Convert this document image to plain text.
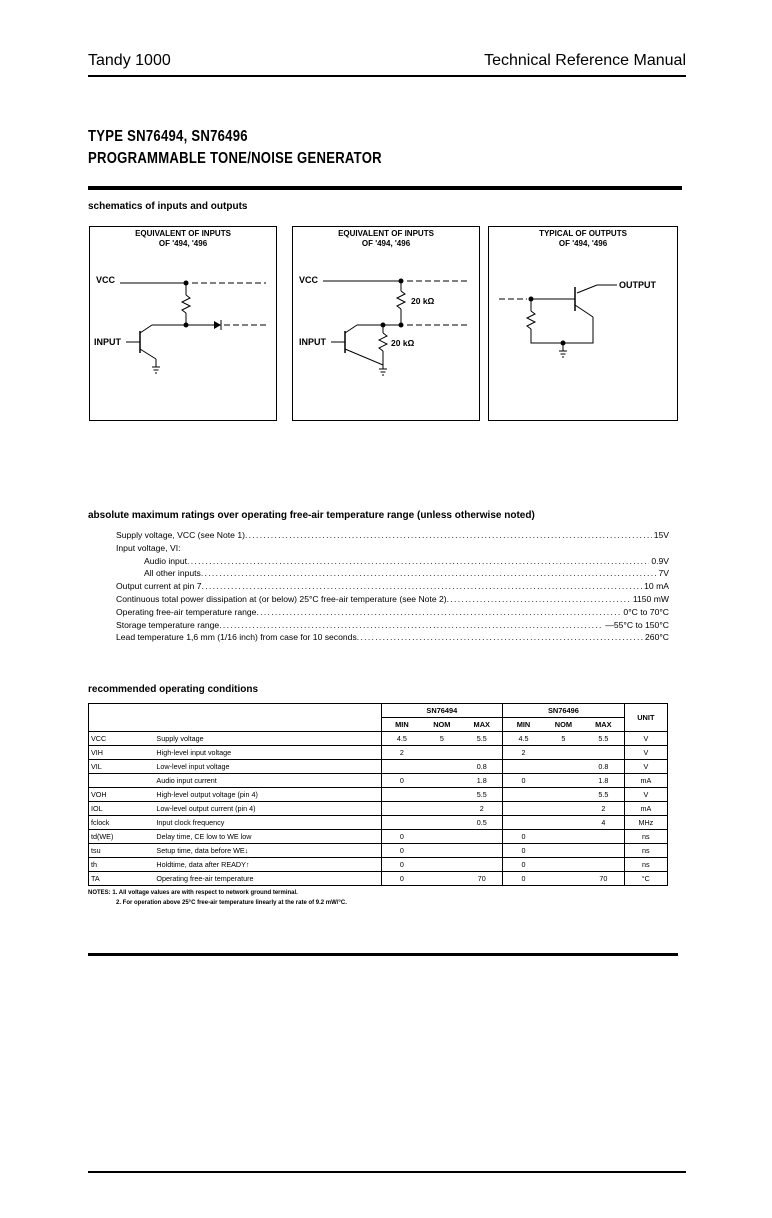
Tandy 1000	Technical Reference Manual
TYPE SN76494, SN76496
PROGRAMMABLE TONE/NOISE GENERATOR
schematics of inputs and outputs
EQUIVALENT OF INPUTS
OF '494, '496
VCC
INPUT
EQUIVALENT OF INPUTS
OF '494, '496
VCC
20 kΩ
20 kΩ
INPUT
TYPICAL OF OUTPUTS
OF '494, '496
OUTPUT
absolute maximum ratings over operating free-air temperature range (unless otherwise noted)
Supply voltage, VCC (see Note 1) .....	15V
Input voltage, VI:
Audio input .....	0.9V
All other inputs .....	7V
Output current at pin 7 .....	10 mA
Continuous total power dissipation at (or below) 25°C free-air temperature (see Note 2) .....	1150 mW
Operating free-air temperature range .....	0°C to 70°C
Storage temperature range .....	—55°C to 150°C
Lead temperature 1,6 mm (1/16 inch) from case for 10 seconds .....	260°C
recommended operating conditions
		SN76494			SN76496			UNIT
		MIN	NOM	MAX	MIN	NOM	MAX	
VCC	Supply voltage	4.5	5	5.5	4.5	5	5.5	V
VIH	High-level input voltage	2			2			V
VIL	Low-level input voltage			0.8			0.8	V
	Audio input current	0		1.8	0		1.8	mA
VOH	High-level output voltage (pin 4)			5.5			5.5	V
IOL	Low-level output current (pin 4)			2			2	mA
fclock	Input clock frequency			0.5			4	MHz
td(WE)	Delay time, CE low to WE low	0			0			ns
tsu	Setup time, data before WE↓	0			0			ns
th	Holdtime, data after READY↑	0			0			ns
TA	Operating free-air temperature	0		70	0		70	°C
NOTES: 1. All voltage values are with respect to network ground terminal.
2. For operation above 25°C free-air temperature linearly at the rate of 9.2 mW/°C.
